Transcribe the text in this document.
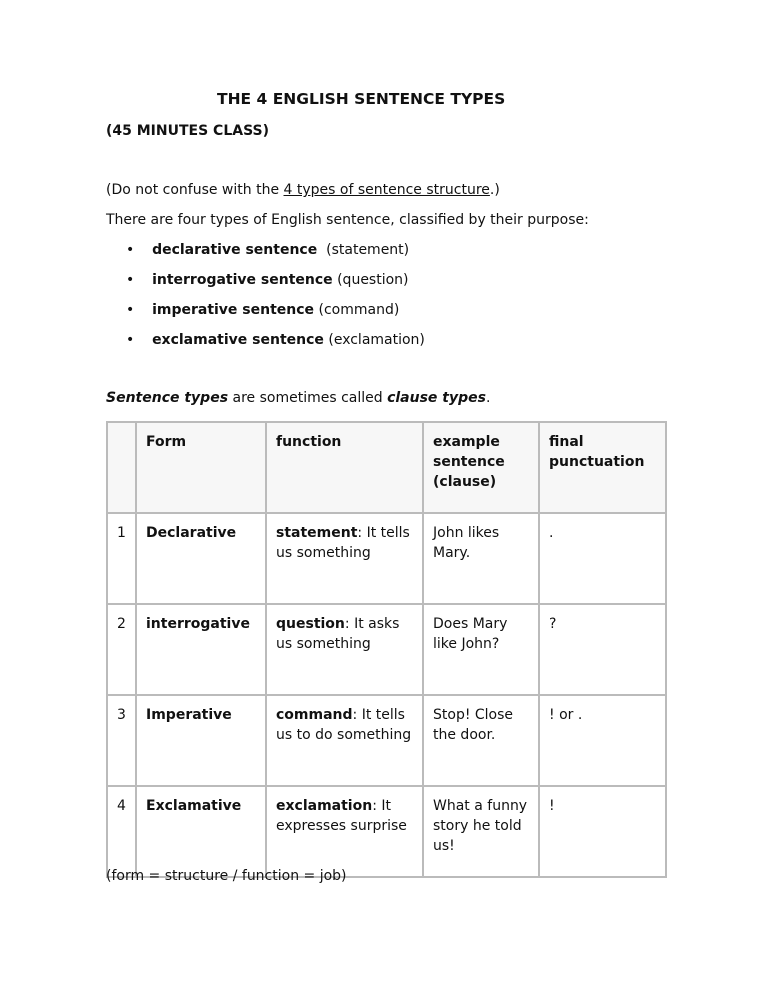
THE 4 ENGLISH SENTENCE TYPES
(45 MINUTES CLASS)
(Do not confuse with the 4 types of sentence structure.)
There are four types of English sentence, classified by their purpose:
•    declarative sentence (statement)
•    interrogative sentence (question)
•    imperative sentence (command)
•    exclamative sentence (exclamation)
Sentence types are sometimes called clause types.
	Form	function	example sentence (clause)	final punctuation
1	Declarative	statement: It tells us something	John likes Mary.	.
2	interrogative	question: It asks us something	Does Mary like John?	?
3	Imperative	command: It tells us to do something	Stop! Close the door.	! or .
4	Exclamative	exclamation: It expresses surprise	What a funny story he told us!	!
(form = structure / function = job)
